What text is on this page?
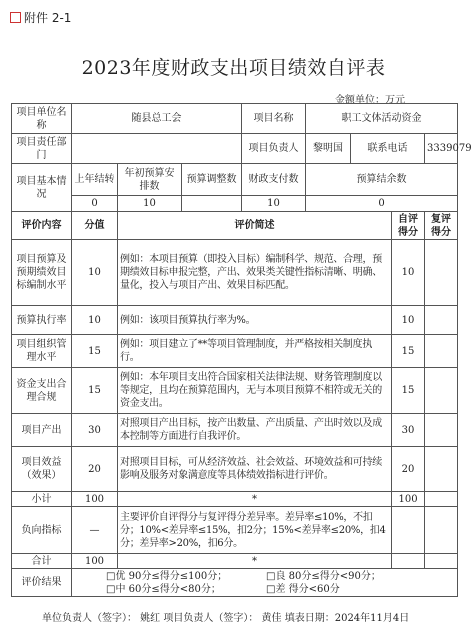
附件 2-1
2023年度财政支出项目绩效自评表
金额单位：万元
项目单位名称	随县总工会			项目名称	职工文体活动资金			
项目责任部门				项目负责人	黎明国	联系电话		3339079
项目基本情况	上年结转	年初预算安排数	预算调整数	财政支付数	预算结余数			
	0	10		10	0			
评价内容	分值	评价简述					自评得分	复评得分
项目预算及预期绩效目标编制水平	10	例如：本项目预算（即投入目标）编制科学、规范、合理，预期绩效目标申报完整，产出、效果类关键性指标清晰、明确、量化，投入与项目产出、效果目标匹配。					10	
预算执行率	10	例如：该项目预算执行率为%。					10	
项目组织管理水平	15	例如：项目建立了**等项目管理制度，并严格按相关制度执行。					15	
资金支出合理合规	15	例如：本年项目支出符合国家相关法律法规、财务管理制度以等规定，且均在预算范围内，无与本项目预算不相符或无关的资金支出。					15	
项目产出	30	对照项目产出目标，按产出数量、产出质量、产出时效以及成本控制等方面进行自我评价。					30	
项目效益（效果）	20	对照项目目标，可从经济效益、社会效益、环境效益和可持续影响及服务对象满意度等具体绩效指标进行评价。					20	
小计	100	*					100	
负向指标	—	主要评价自评得分与复评得分差异率。差异率≤10%，不扣分；10%<差异率≤15%，扣2分；15%<差异率≤20%，扣4分；差异率>20%，扣6分。						
合计	100	*						
评价结果	□优 90分≤得分≤100分； □良 80分≤得分<90分；
□中 60分≤得分<80分； □差 得分<60分							
单位负责人（签字）： 姚红 项目负责人（签字）： 黄佳 填表日期：2024年11月4日
